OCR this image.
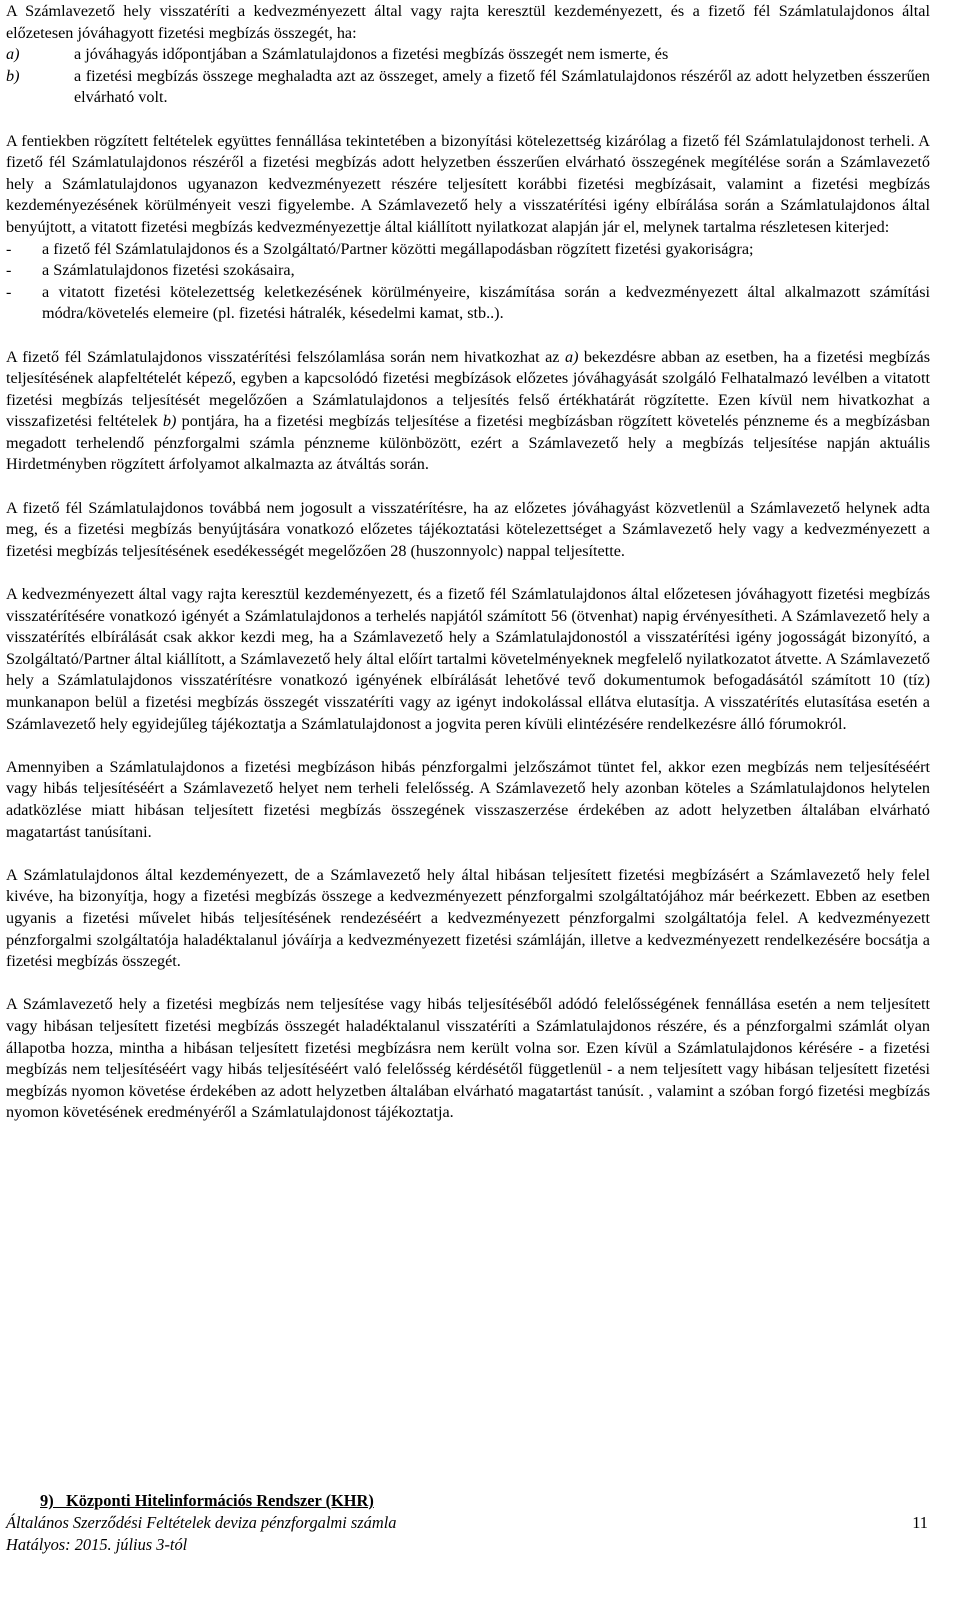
A Számlavezető hely visszatéríti a kedvezményezett által vagy rajta keresztül kezdeményezett, és a fizető fél Számlatulajdonos által előzetesen jóváhagyott fizetési megbízás összegét, ha:

a)	a jóváhagyás időpontjában a Számlatulajdonos a fizetési megbízás összegét nem ismerte, és
b)	a fizetési megbízás összege meghaladta azt az összeget, amely a fizető fél Számlatulajdonos részéről az adott helyzetben ésszerűen elvárható volt.

A fentiekben rögzített feltételek együttes fennállása tekintetében a bizonyítási kötelezettség kizárólag a fizető fél Számlatulajdonost terheli. A fizető fél Számlatulajdonos részéről a fizetési megbízás adott helyzetben ésszerűen elvárható összegének megítélése során a Számlavezető hely a Számlatulajdonos ugyanazon kedvezményezett részére teljesített korábbi fizetési megbízásait, valamint a fizetési megbízás kezdeményezésének körülményeit veszi figyelembe. A Számlavezető hely a visszatérítési igény elbírálása során a Számlatulajdonos által benyújtott, a vitatott fizetési megbízás kedvezményezettje által kiállított nyilatkozat alapján jár el, melynek tartalma részletesen kiterjed:

-	a fizető fél Számlatulajdonos és a Szolgáltató/Partner közötti megállapodásban rögzített fizetési gyakoriságra;
-	a Számlatulajdonos fizetési szokásaira,
-	a vitatott fizetési kötelezettség keletkezésének körülményeire, kiszámítása során a kedvezményezett által alkalmazott számítási módra/követelés elemeire (pl. fizetési hátralék, késedelmi kamat, stb..).

A fizető fél Számlatulajdonos visszatérítési felszólamlása során nem hivatkozhat az a) bekezdésre abban az esetben, ha a fizetési megbízás teljesítésének alapfeltételét képező, egyben a kapcsolódó fizetési megbízások előzetes jóváhagyását szolgáló Felhatalmazó levélben a vitatott fizetési megbízás teljesítését megelőzően a Számlatulajdonos a teljesítés felső értékhatárát rögzítette. Ezen kívül nem hivatkozhat a visszafizetési feltételek b) pontjára, ha a fizetési megbízás teljesítése a fizetési megbízásban rögzített követelés pénzneme és a megbízásban megadott terhelendő pénzforgalmi számla pénzneme különbözött, ezért a Számlavezető hely a megbízás teljesítése napján aktuális Hirdetményben rögzített árfolyamot alkalmazta az átváltás során.

A fizető fél Számlatulajdonos továbbá nem jogosult a visszatérítésre, ha az előzetes jóváhagyást közvetlenül a Számlavezető helynek adta meg, és a fizetési megbízás benyújtására vonatkozó előzetes tájékoztatási kötelezettséget a Számlavezető hely vagy a kedvezményezett a fizetési megbízás teljesítésének esedékességét megelőzően 28 (huszonnyolc) nappal teljesítette.

A kedvezményezett által vagy rajta keresztül kezdeményezett, és a fizető fél Számlatulajdonos által előzetesen jóváhagyott fizetési megbízás visszatérítésére vonatkozó igényét a Számlatulajdonos a terhelés napjától számított 56 (ötvenhat) napig érvényesítheti. A Számlavezető hely a visszatérítés elbírálását csak akkor kezdi meg, ha a Számlavezető hely a Számlatulajdonostól a visszatérítési igény jogosságát bizonyító, a Szolgáltató/Partner által kiállított, a Számlavezető hely által előírt tartalmi követelményeknek megfelelő nyilatkozatot átvette. A Számlavezető hely a Számlatulajdonos visszatérítésre vonatkozó igényének elbírálását lehetővé tevő dokumentumok befogadásától számított 10 (tíz) munkanapon belül a fizetési megbízás összegét visszatéríti vagy az igényt indokolással ellátva elutasítja. A visszatérítés elutasítása esetén a Számlavezető hely egyidejűleg tájékoztatja a Számlatulajdonost a jogvita peren kívüli elintézésére rendelkezésre álló fórumokról.

Amennyiben a Számlatulajdonos a fizetési megbízáson hibás pénzforgalmi jelzőszámot tüntet fel, akkor ezen megbízás nem teljesítéséért vagy hibás teljesítéséért a Számlavezető helyet nem terheli felelősség. A Számlavezető hely azonban köteles a Számlatulajdonos helytelen adatközlése miatt hibásan teljesített fizetési megbízás összegének visszaszerzése érdekében az adott helyzetben általában elvárható magatartást tanúsítani.

A Számlatulajdonos által kezdeményezett, de a Számlavezető hely által hibásan teljesített fizetési megbízásért a Számlavezető hely felel kivéve, ha bizonyítja, hogy a fizetési megbízás összege a kedvezményezett pénzforgalmi szolgáltatójához már beérkezett. Ebben az esetben ugyanis a fizetési művelet hibás teljesítésének rendezéséért a kedvezményezett pénzforgalmi szolgáltatója felel. A kedvezményezett pénzforgalmi szolgáltatója haladéktalanul jóváírja a kedvezményezett fizetési számláján, illetve a kedvezményezett rendelkezésére bocsátja a fizetési megbízás összegét.

A Számlavezető hely a fizetési megbízás nem teljesítése vagy hibás teljesítéséből adódó felelősségének fennállása esetén a nem teljesített vagy hibásan teljesített fizetési megbízás összegét haladéktalanul visszatéríti a Számlatulajdonos részére, és a pénzforgalmi számlát olyan állapotba hozza, mintha a hibásan teljesített fizetési megbízásra nem került volna sor. Ezen kívül a Számlatulajdonos kérésére - a fizetési megbízás nem teljesítéséért vagy hibás teljesítéséért való felelősség kérdésétől függetlenül - a nem teljesített vagy hibásan teljesített fizetési megbízás nyomon követése érdekében az adott helyzetben általában elvárható magatartást tanúsít. , valamint a szóban forgó fizetési megbízás nyomon követésének eredményéről a Számlatulajdonost tájékoztatja.

9)   Központi Hitelinformációs Rendszer (KHR)
Általános Szerződési Feltételek deviza pénzforgalmi számla
Hatályos: 2015. július 3-tól
11
